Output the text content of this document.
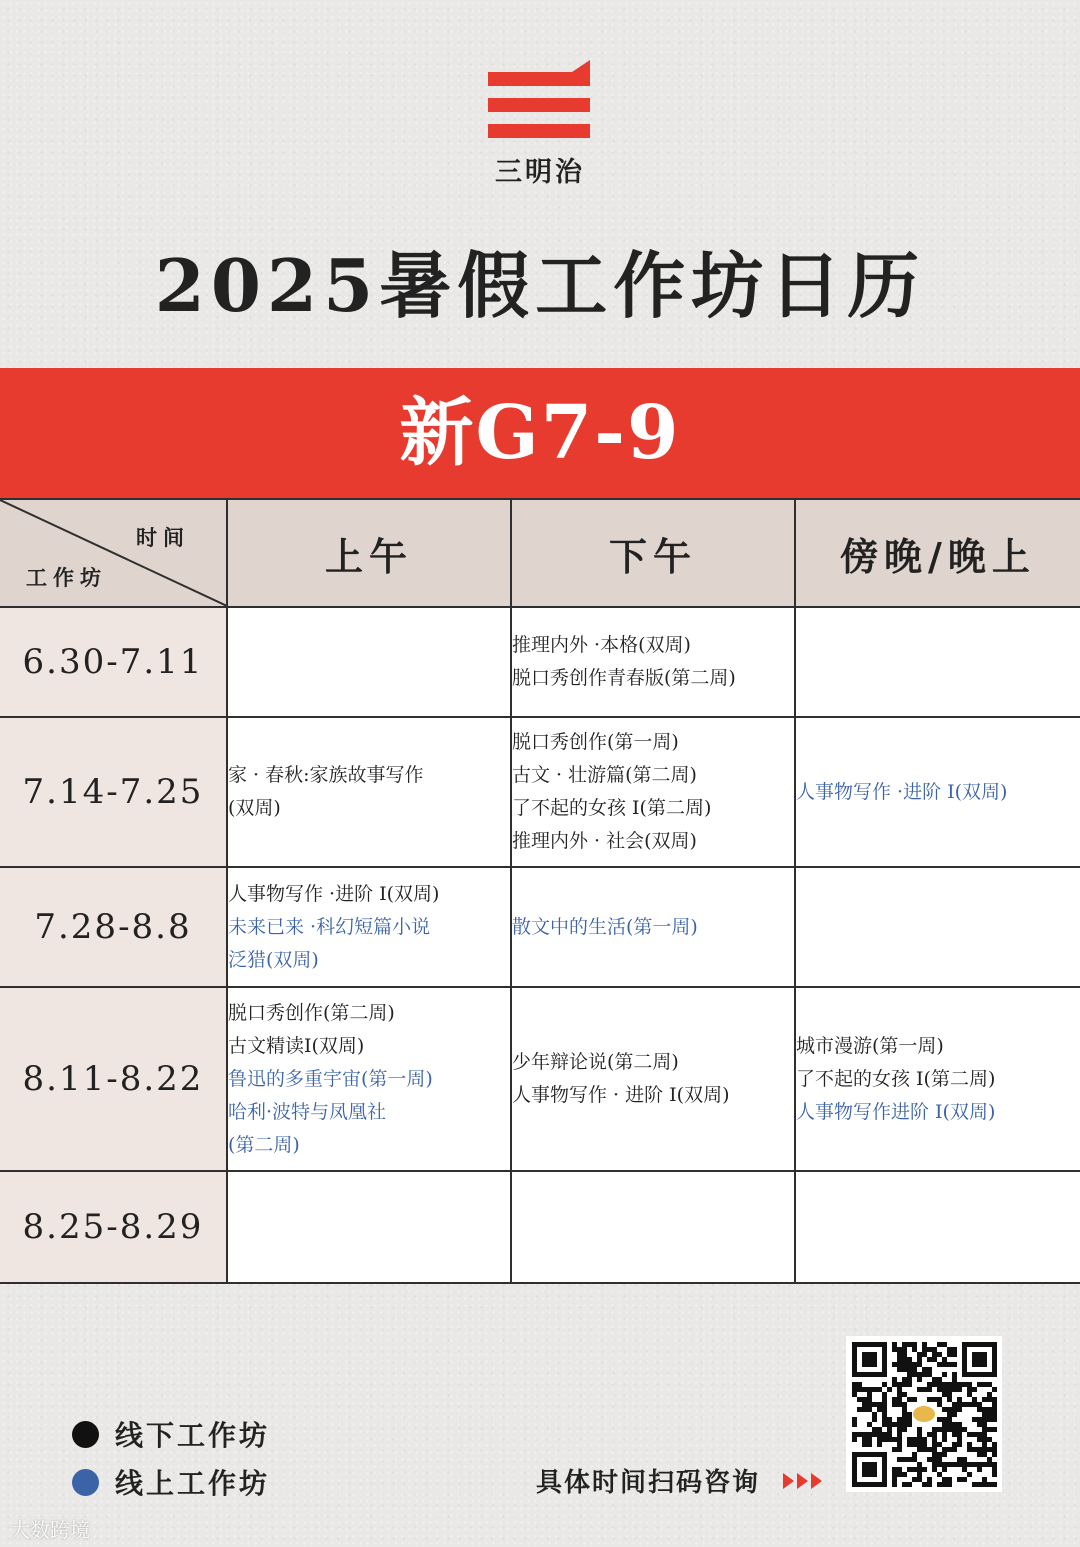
三明治
2025暑假工作坊日历
新G7-9
时间
工作坊	上午	下午	傍晚/晚上
6.30-7.11		推理内外 ·本格(双周)
脱口秀创作青春版(第二周)	

7.14-7.25	家 · 春秋:家族故事写作
(双周)	脱口秀创作(第一周)
古文 · 壮游篇(第二周)
了不起的女孩 I(第二周)
推理内外 · 社会(双周)	人事物写作 ·进阶 I(双周)

7.28-8.8	人事物写作 ·进阶 I(双周)
未来已来 ·科幻短篇小说
泛猎(双周)	散文中的生活(第一周)	

8.11-8.22	脱口秀创作(第二周)
古文精读I(双周)
鲁迅的多重宇宙(第一周)
哈利·波特与凤凰社
(第二周)	少年辩论说(第二周)
人事物写作 · 进阶 I(双周)	城市漫游(第一周)
了不起的女孩 I(第二周)
人事物写作进阶 I(双周)

8.25-8.29			
线下工作坊
线上工作坊	具体时间扫码咨询
大数跨境
